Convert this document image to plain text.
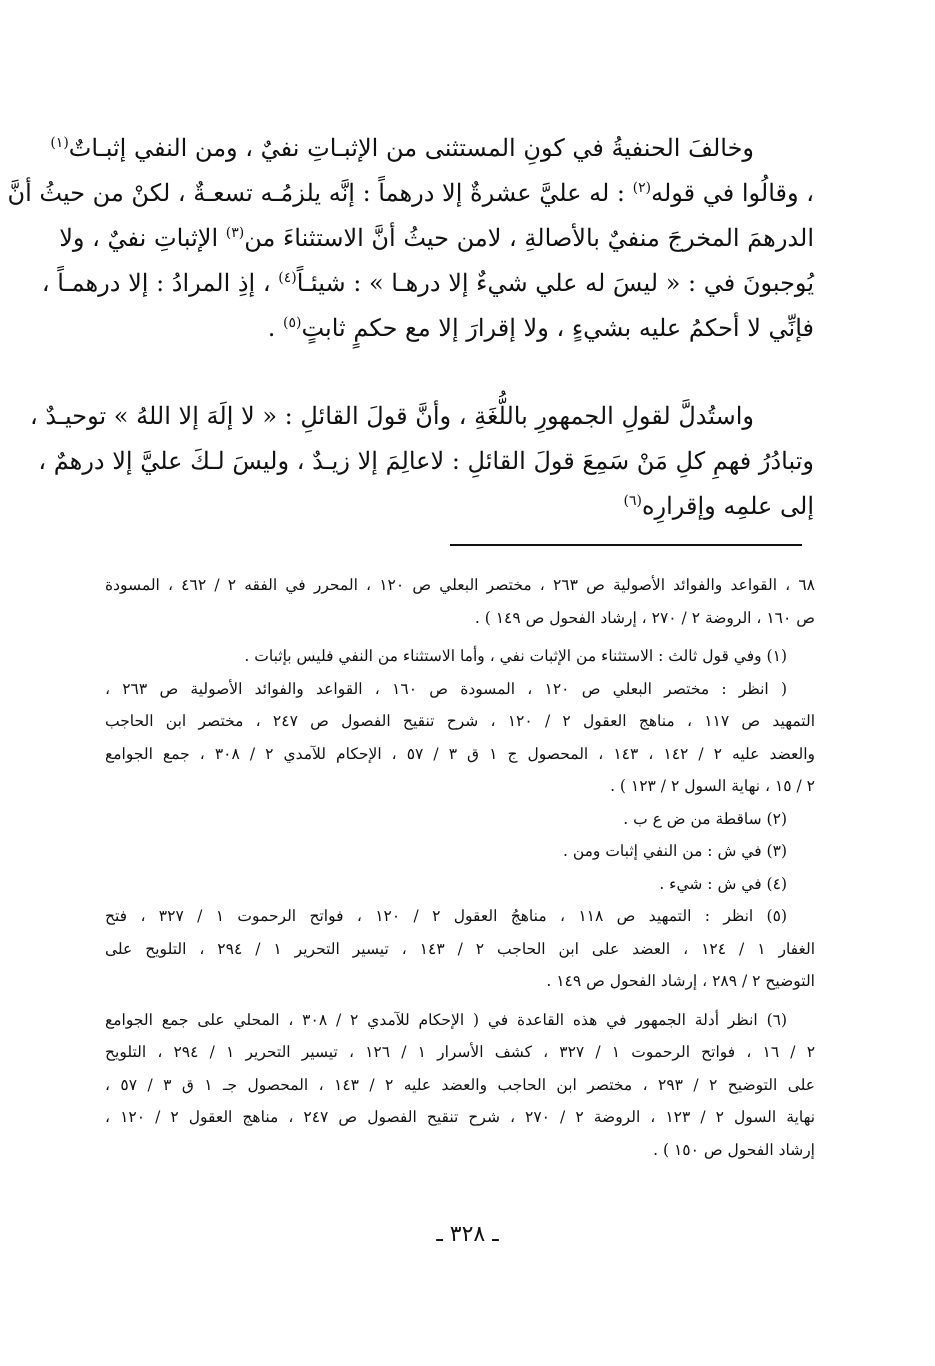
وخالفَ الحنفيةُ في كونِ المستثنى من الإثبـاتِ نفيٌ ، ومن النفي إثبـاتٌ$^{(١)}$
، وقالُوا في قوله$^{(٢)}$ : له عليَّ عشرةٌ إلا درهماً : إنَّه يلزمُـه تسعـةٌ ، لكنْ من حيثُ أنَّ
الدرهمَ المخرجَ منفيٌ بالأصالةِ ، لامن حيثُ أنَّ الاستثناءَ من$^{(٣)}$ الإثباتِ نفيٌ ، ولا
يُوجبونَ في : « ليسَ له علي شيءٌ إلا درهـا » : شيئـاً$^{(٤)}$ ، إذِ المرادُ : إلا درهمـاً ،
فإنِّي لا أحكمُ عليه بشيءٍ ، ولا إقرارَ إلا مع حكمٍ ثابتٍ$^{(٥)}$ .
واستُدلَّ لقولِ الجمهورِ باللُّغَةِ ، وأنَّ قولَ القائلِ : « لا إلَهَ إلا اللهُ » توحيـدٌ ،
وتبادُرُ فهمِ كلِ مَنْ سَمِعَ قولَ القائلِ : لاعالِمَ إلا زيـدٌ ، وليسَ لـكَ عليَّ إلا درهمٌ ،
إلى علمِه وإقرارِه$^{(٦)}$
٦٨ ، القواعد والفوائد الأصولية ص ٢٦٣ ، مختصر البعلي ص ١٢٠ ، المحرر في الفقه ٢ / ٤٦٢ ، المسودة
ص ١٦٠ ، الروضة ٢ / ٢٧٠ ، إرشاد الفحول ص ١٤٩ ) .
(١) وفي قول ثالث : الاستثناء من الإثبات نفي ، وأما الاستثناء من النفي فليس بإثبات .
( انظر : مختصر البعلي ص ١٢٠ ، المسودة ص ١٦٠ ، القواعد والفوائد الأصولية ص ٢٦٣ ،
التمهيد ص ١١٧ ، مناهج العقول ٢ / ١٢٠ ، شرح تنقيح الفصول ص ٢٤٧ ، مختصر ابن الحاجب
والعضد عليه ٢ / ١٤٢ ، ١٤٣ ، المحصول ج ١ ق ٣ / ٥٧ ، الإحكام للآمدي ٢ / ٣٠٨ ، جمع الجوامع
٢ / ١٥ ، نهاية السول ٢ / ١٢٣ ) .
(٢) ساقطة من ض ع ب .
(٣) في ش : من النفي إثبات ومن .
(٤) في ش : شيء .
(٥) انظر : التمهيد ص ١١٨ ، مناهجُ العقول ٢ / ١٢٠ ، فواتح الرحموت ١ / ٣٢٧ ، فتح
الغفار ١ / ١٢٤ ، العضد على ابن الحاجب ٢ / ١٤٣ ، تيسير التحرير ١ / ٢٩٤ ، التلويح على
التوضيح ٢ / ٢٨٩ ، إرشاد الفحول ص ١٤٩ .
(٦) انظر أدلة الجمهور في هذه القاعدة في ( الإحكام للآمدي ٢ / ٣٠٨ ، المحلي على جمع الجوامع
٢ / ١٦ ، فواتح الرحموت ١ / ٣٢٧ ، كشف الأسرار ١ / ١٢٦ ، تيسير التحرير ١ / ٢٩٤ ، التلويح
على التوضيح ٢ / ٢٩٣ ، مختصر ابن الحاجب والعضد عليه ٢ / ١٤٣ ، المحصول جـ ١ ق ٣ / ٥٧ ،
نهاية السول ٢ / ١٢٣ ، الروضة ٢ / ٢٧٠ ، شرح تنقيح الفصول ص ٢٤٧ ، مناهج العقول ٢ / ١٢٠ ،
إرشاد الفحول ص ١٥٠ ) .
ـ ٣٢٨ ـ
